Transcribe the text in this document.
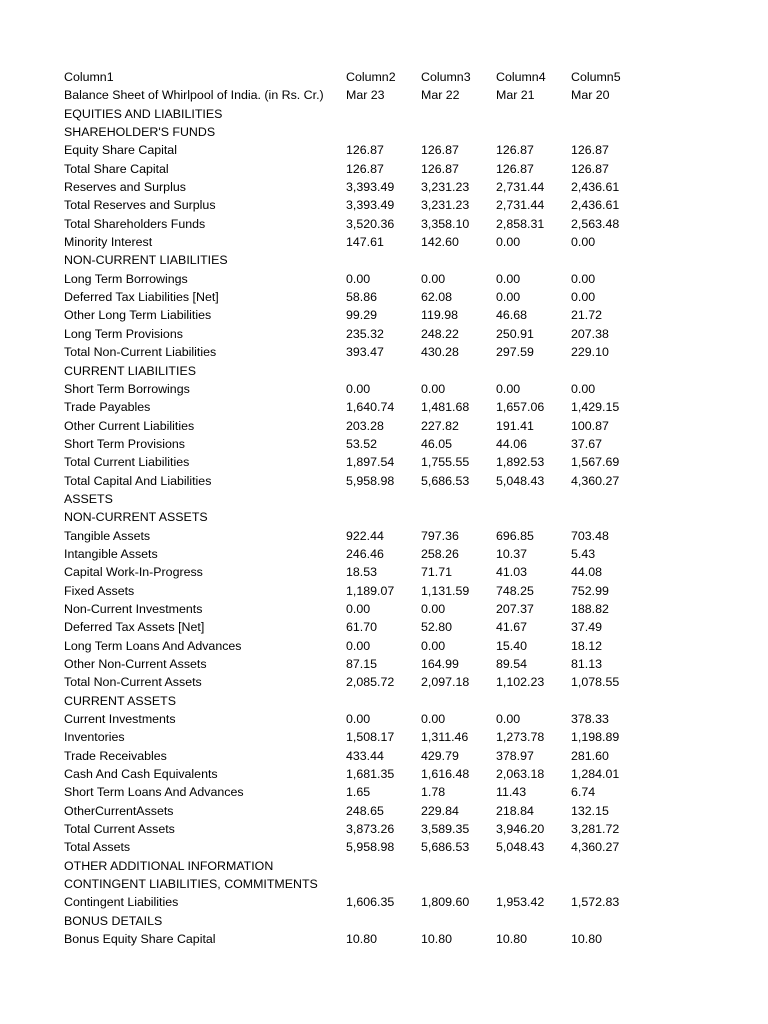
Column1	Column2	Column3	Column4	Column5
Balance Sheet of Whirlpool of India. (in Rs. Cr.)	Mar 23	Mar 22	Mar 21	Mar 20
EQUITIES AND LIABILITIES
SHAREHOLDER'S FUNDS
Equity Share Capital	126.87	126.87	126.87	126.87
Total Share Capital	126.87	126.87	126.87	126.87
Reserves and Surplus	3,393.49	3,231.23	2,731.44	2,436.61
Total Reserves and Surplus	3,393.49	3,231.23	2,731.44	2,436.61
Total Shareholders Funds	3,520.36	3,358.10	2,858.31	2,563.48
Minority Interest	147.61	142.60	0.00	0.00
NON-CURRENT LIABILITIES
Long Term Borrowings	0.00	0.00	0.00	0.00
Deferred Tax Liabilities [Net]	58.86	62.08	0.00	0.00
Other Long Term Liabilities	99.29	119.98	46.68	21.72
Long Term Provisions	235.32	248.22	250.91	207.38
Total Non-Current Liabilities	393.47	430.28	297.59	229.10
CURRENT LIABILITIES
Short Term Borrowings	0.00	0.00	0.00	0.00
Trade Payables	1,640.74	1,481.68	1,657.06	1,429.15
Other Current Liabilities	203.28	227.82	191.41	100.87
Short Term Provisions	53.52	46.05	44.06	37.67
Total Current Liabilities	1,897.54	1,755.55	1,892.53	1,567.69
Total Capital And Liabilities	5,958.98	5,686.53	5,048.43	4,360.27
ASSETS
NON-CURRENT ASSETS
Tangible Assets	922.44	797.36	696.85	703.48
Intangible Assets	246.46	258.26	10.37	5.43
Capital Work-In-Progress	18.53	71.71	41.03	44.08
Fixed Assets	1,189.07	1,131.59	748.25	752.99
Non-Current Investments	0.00	0.00	207.37	188.82
Deferred Tax Assets [Net]	61.70	52.80	41.67	37.49
Long Term Loans And Advances	0.00	0.00	15.40	18.12
Other Non-Current Assets	87.15	164.99	89.54	81.13
Total Non-Current Assets	2,085.72	2,097.18	1,102.23	1,078.55
CURRENT ASSETS
Current Investments	0.00	0.00	0.00	378.33
Inventories	1,508.17	1,311.46	1,273.78	1,198.89
Trade Receivables	433.44	429.79	378.97	281.60
Cash And Cash Equivalents	1,681.35	1,616.48	2,063.18	1,284.01
Short Term Loans And Advances	1.65	1.78	11.43	6.74
OtherCurrentAssets	248.65	229.84	218.84	132.15
Total Current Assets	3,873.26	3,589.35	3,946.20	3,281.72
Total Assets	5,958.98	5,686.53	5,048.43	4,360.27
OTHER ADDITIONAL INFORMATION
CONTINGENT LIABILITIES, COMMITMENTS
Contingent Liabilities	1,606.35	1,809.60	1,953.42	1,572.83
BONUS DETAILS
Bonus Equity Share Capital	10.80	10.80	10.80	10.80
